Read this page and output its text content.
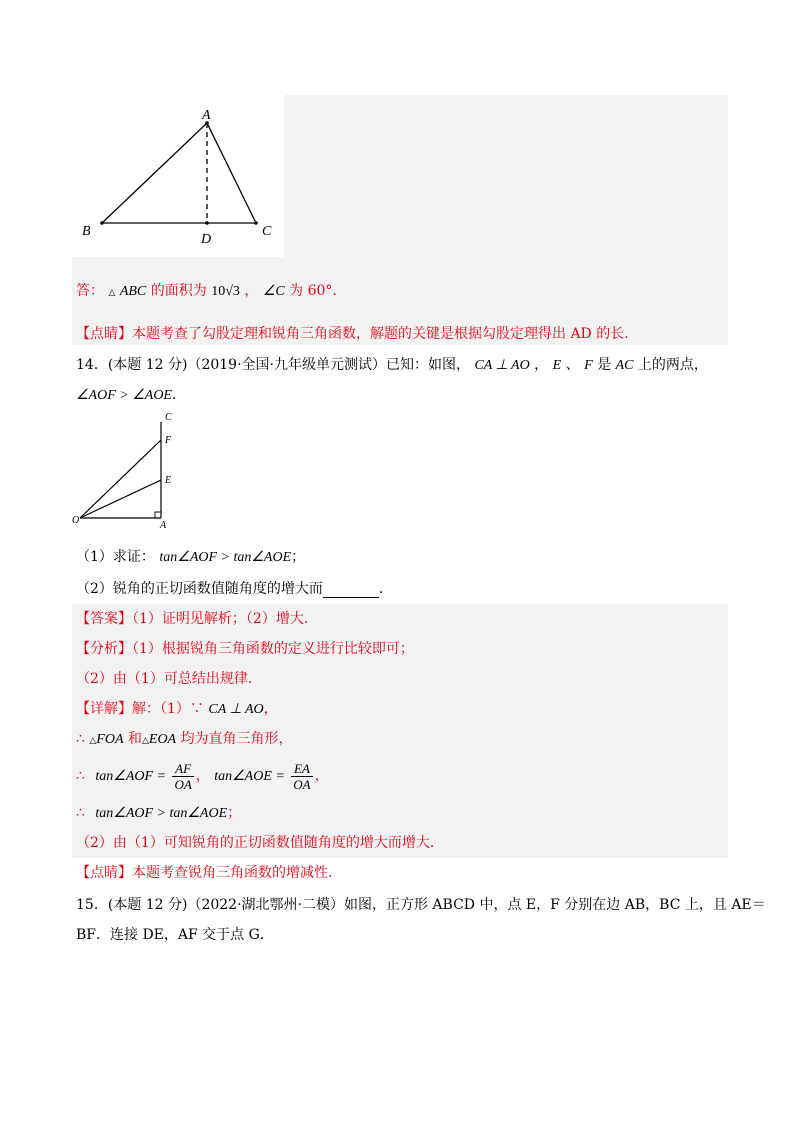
A
B	C
D
答： △ ABC 的面积为 10√3 ， ∠C 为 60°.
【点睛】本题考查了勾股定理和锐角三角函数，解题的关键是根据勾股定理得出 AD 的长.
14．(本题 12 分)（2019·全国·九年级单元测试）已知：如图， CA ⊥ AO ， E 、 F 是 AC 上的两点，
∠AOF > ∠AOE.
C
F
E
O	A
（1）求证： tan∠AOF > tan∠AOE；
（2）锐角的正切函数值随角度的增大而	.
【答案】（1）证明见解析；（2）增大.
【分析】（1）根据锐角三角函数的定义进行比较即可；
（2）由（1）可总结出规律.
【详解】解：（1）∵ CA ⊥ AO，
∴ △FOA 和△EOA 均为直角三角形，
∴ tan∠AOF = $\frac{AF}{OA}$ ， tan∠AOE = $\frac{EA}{OA}$ ，
∴ tan∠AOF > tan∠AOE；
（2）由（1）可知锐角的正切函数值随角度的增大而增大.
【点睛】本题考查锐角三角函数的增减性.
15．(本题 12 分)（2022·湖北鄂州·二模）如图，正方形 ABCD 中，点 E，F 分别在边 AB，BC 上，且 AE＝
BF．连接 DE，AF 交于点 G．
